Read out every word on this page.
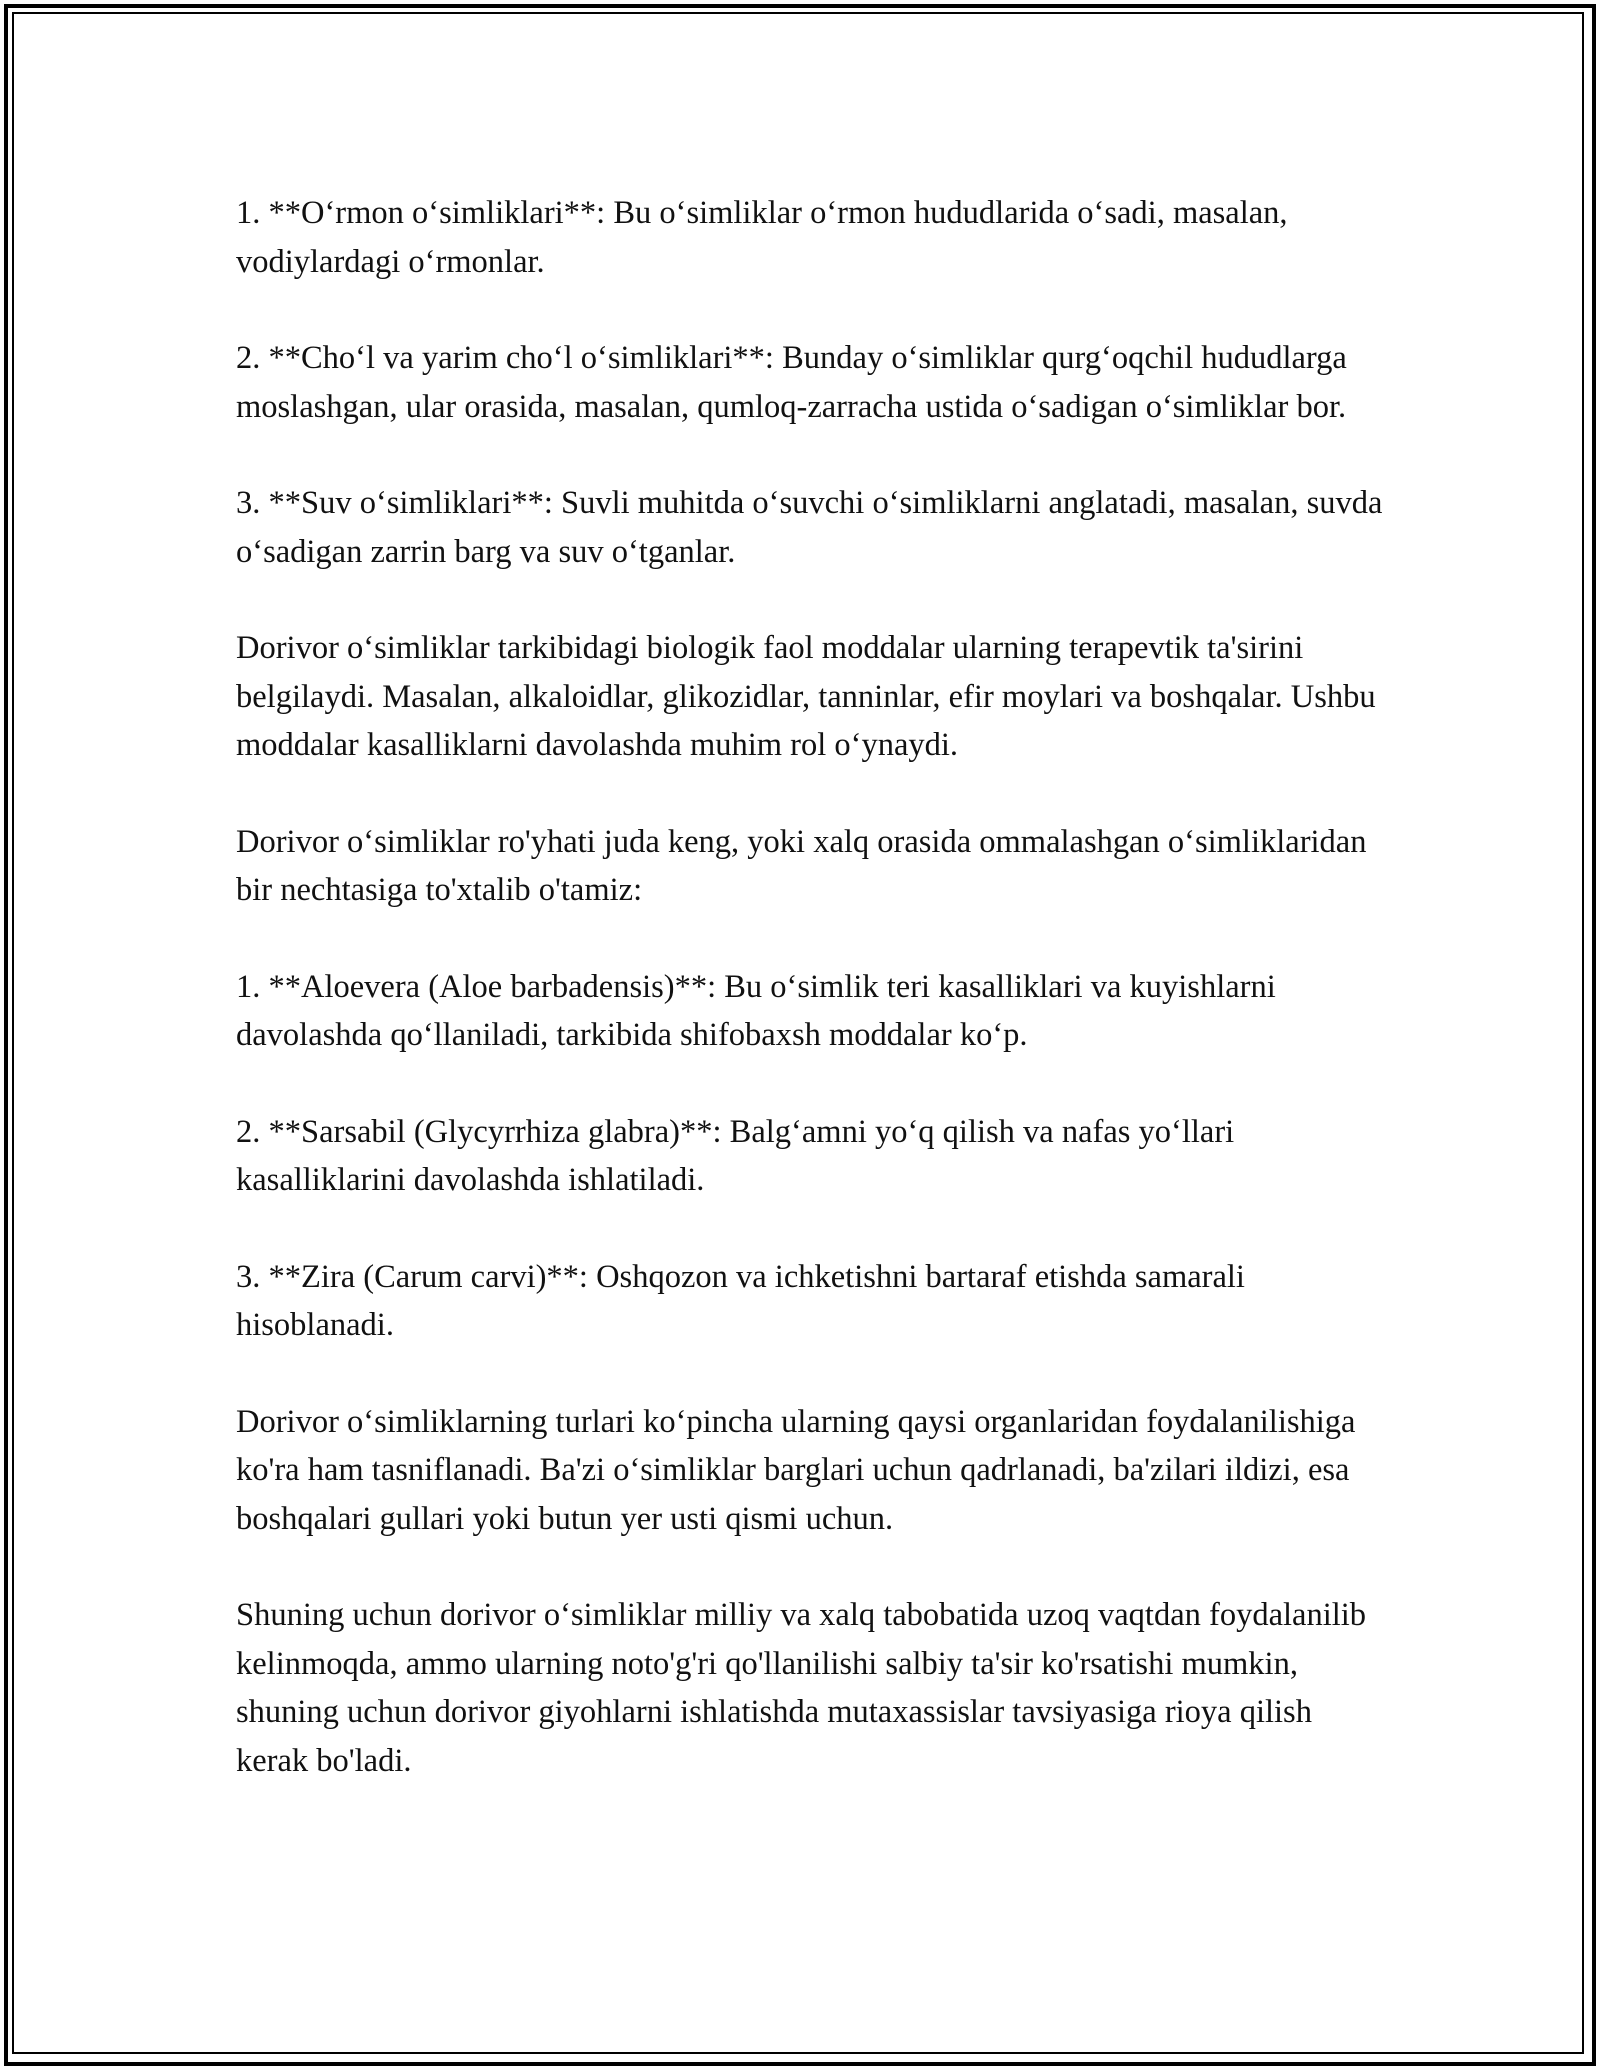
1. **O‘rmon o‘simliklari**: Bu o‘simliklar o‘rmon hududlarida o‘sadi, masalan, vodiylardagi o‘rmonlar.

2. **Cho‘l va yarim cho‘l o‘simliklari**: Bunday o‘simliklar qurg‘oqchil hududlarga moslashgan, ular orasida, masalan, qumloq-zarracha ustida o‘sadigan o‘simliklar bor.

3. **Suv o‘simliklari**: Suvli muhitda o‘suvchi o‘simliklarni anglatadi, masalan, suvda o‘sadigan zarrin barg va suv o‘tganlar.

Dorivor o‘simliklar tarkibidagi biologik faol moddalar ularning terapevtik ta'sirini belgilaydi. Masalan, alkaloidlar, glikozidlar, tanninlar, efir moylari va boshqalar. Ushbu moddalar kasalliklarni davolashda muhim rol o‘ynaydi.

Dorivor o‘simliklar ro'yhati juda keng, yoki xalq orasida ommalashgan o‘simliklaridan bir nechtasiga to'xtalib o'tamiz:

1. **Aloevera (Aloe barbadensis)**: Bu o‘simlik teri kasalliklari va kuyishlarni davolashda qo‘llaniladi, tarkibida shifobaxsh moddalar ko‘p.

2. **Sarsabil (Glycyrrhiza glabra)**: Balg‘amni yo‘q qilish va nafas yo‘llari kasalliklarini davolashda ishlatiladi.

3. **Zira (Carum carvi)**: Oshqozon va ichketishni bartaraf etishda samarali hisoblanadi.

Dorivor o‘simliklarning turlari ko‘pincha ularning qaysi organlaridan foydalanilishiga ko'ra ham tasniflanadi. Ba'zi o‘simliklar barglari uchun qadrlanadi, ba'zilari ildizi, esa boshqalari gullari yoki butun yer usti qismi uchun.

Shuning uchun dorivor o‘simliklar milliy va xalq tabobatida uzoq vaqtdan foydalanilib kelinmoqda, ammo ularning noto'g'ri qo'llanilishi salbiy ta'sir ko'rsatishi mumkin, shuning uchun dorivor giyohlarni ishlatishda mutaxassislar tavsiyasiga rioya qilish kerak bo'ladi.
